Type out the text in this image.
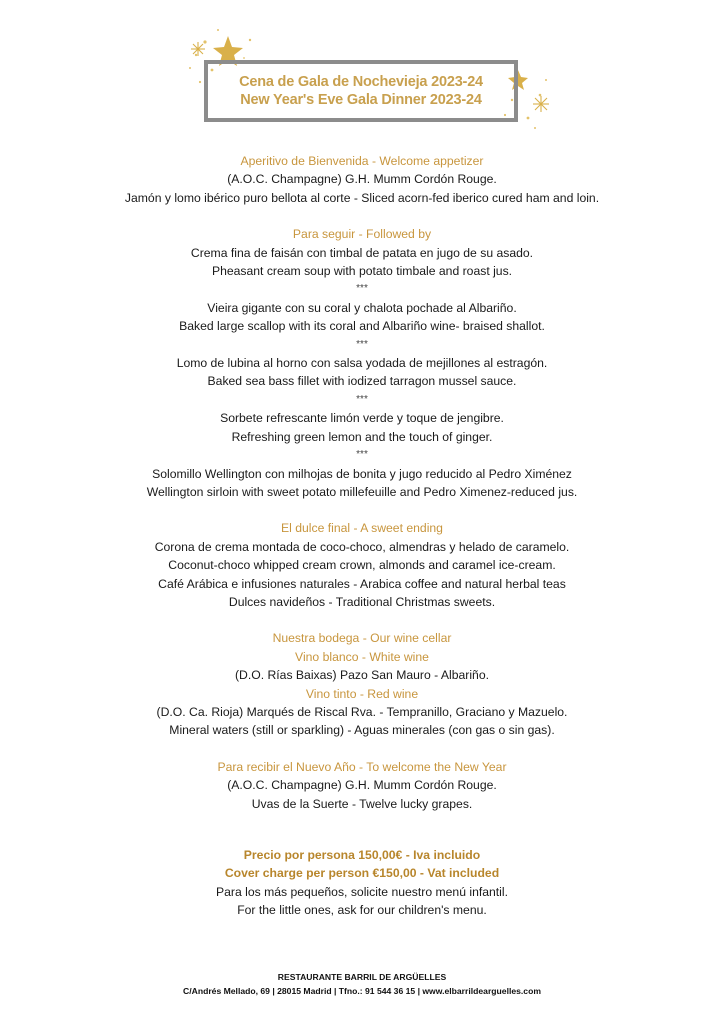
Cena de Gala de Nochevieja 2023-24
New Year's Eve Gala Dinner 2023-24
Aperitivo de Bienvenida - Welcome appetizer
(A.O.C. Champagne) G.H. Mumm Cordón Rouge.
Jamón y lomo ibérico puro bellota al corte - Sliced acorn-fed iberico cured ham and loin.
Para seguir - Followed by
Crema fina de faisán con timbal de patata en jugo de su asado.
Pheasant cream soup with potato timbale and roast jus.
***
Vieira gigante con su coral y chalota pochade al Albariño.
Baked large scallop with its coral and Albariño wine- braised shallot.
***
Lomo de lubina al horno con salsa yodada de mejillones al estragón.
Baked sea bass fillet with iodized tarragon mussel sauce.
***
Sorbete refrescante limón verde y toque de jengibre.
Refreshing green lemon and the touch of ginger.
***
Solomillo Wellington con milhojas de bonita y jugo reducido al Pedro Ximénez
Wellington sirloin with sweet potato millefeuille and Pedro Ximenez-reduced jus.
El dulce final - A sweet ending
Corona de crema montada de coco-choco, almendras y helado de caramelo.
Coconut-choco whipped cream crown, almonds and caramel ice-cream.
Café Arábica e infusiones naturales - Arabica coffee and natural herbal teas
Dulces navideños - Traditional Christmas sweets.
Nuestra bodega - Our wine cellar
Vino blanco - White wine
(D.O. Rías Baixas) Pazo San Mauro - Albariño.
Vino tinto - Red wine
(D.O. Ca. Rioja) Marqués de Riscal Rva. - Tempranillo, Graciano y Mazuelo.
Mineral waters (still or sparkling) - Aguas minerales (con gas o sin gas).
Para recibir el Nuevo Año - To welcome the New Year
(A.O.C. Champagne) G.H. Mumm Cordón Rouge.
Uvas de la Suerte - Twelve lucky grapes.
Precio por persona 150,00€ - Iva incluido
Cover charge per person €150,00 - Vat included
Para los más pequeños, solicite nuestro menú infantil.
For the little ones, ask for our children's menu.
RESTAURANTE BARRIL DE ARGÜELLES
C/Andrés Mellado, 69 | 28015 Madrid | Tfno.: 91 544 36 15 | www.elbarrildearguelles.com
